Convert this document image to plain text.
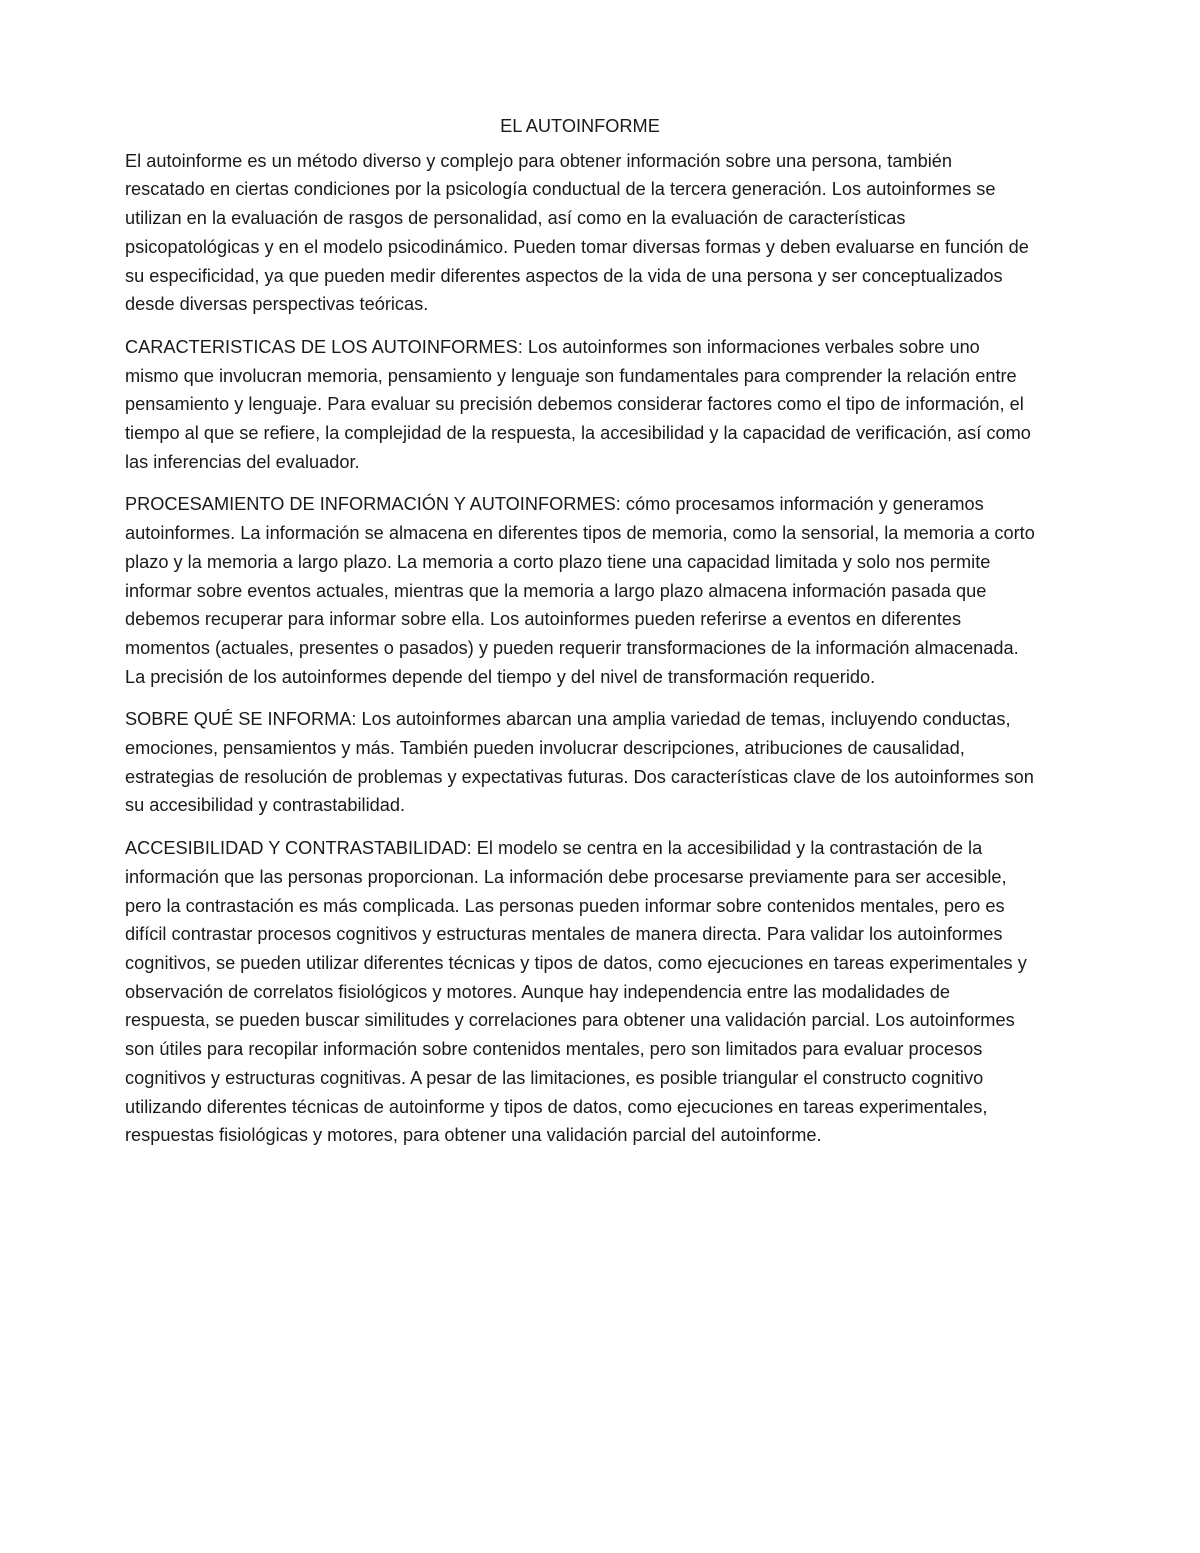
EL AUTOINFORME

El autoinforme es un método diverso y complejo para obtener información sobre una persona, también rescatado en ciertas condiciones por la psicología conductual de la tercera generación. Los autoinformes se utilizan en la evaluación de rasgos de personalidad, así como en la evaluación de características psicopatológicas y en el modelo psicodinámico. Pueden tomar diversas formas y deben evaluarse en función de su especificidad, ya que pueden medir diferentes aspectos de la vida de una persona y ser conceptualizados desde diversas perspectivas teóricas.

CARACTERISTICAS DE LOS AUTOINFORMES: Los autoinformes son informaciones verbales sobre uno mismo que involucran memoria, pensamiento y lenguaje son fundamentales para comprender la relación entre pensamiento y lenguaje. Para evaluar su precisión debemos considerar factores como el tipo de información, el tiempo al que se refiere, la complejidad de la respuesta, la accesibilidad y la capacidad de verificación, así como las inferencias del evaluador.

PROCESAMIENTO DE INFORMACIÓN Y AUTOINFORMES: cómo procesamos información y generamos autoinformes. La información se almacena en diferentes tipos de memoria, como la sensorial, la memoria a corto plazo y la memoria a largo plazo. La memoria a corto plazo tiene una capacidad limitada y solo nos permite informar sobre eventos actuales, mientras que la memoria a largo plazo almacena información pasada que debemos recuperar para informar sobre ella. Los autoinformes pueden referirse a eventos en diferentes momentos (actuales, presentes o pasados) y pueden requerir transformaciones de la información almacenada. La precisión de los autoinformes depende del tiempo y del nivel de transformación requerido.

SOBRE QUÉ SE INFORMA: Los autoinformes abarcan una amplia variedad de temas, incluyendo conductas, emociones, pensamientos y más. También pueden involucrar descripciones, atribuciones de causalidad, estrategias de resolución de problemas y expectativas futuras. Dos características clave de los autoinformes son su accesibilidad y contrastabilidad.

ACCESIBILIDAD Y CONTRASTABILIDAD: El modelo se centra en la accesibilidad y la contrastación de la información que las personas proporcionan. La información debe procesarse previamente para ser accesible, pero la contrastación es más complicada. Las personas pueden informar sobre contenidos mentales, pero es difícil contrastar procesos cognitivos y estructuras mentales de manera directa. Para validar los autoinformes cognitivos, se pueden utilizar diferentes técnicas y tipos de datos, como ejecuciones en tareas experimentales y observación de correlatos fisiológicos y motores. Aunque hay independencia entre las modalidades de respuesta, se pueden buscar similitudes y correlaciones para obtener una validación parcial. Los autoinformes son útiles para recopilar información sobre contenidos mentales, pero son limitados para evaluar procesos cognitivos y estructuras cognitivas. A pesar de las limitaciones, es posible triangular el constructo cognitivo utilizando diferentes técnicas de autoinforme y tipos de datos, como ejecuciones en tareas experimentales, respuestas fisiológicas y motores, para obtener una validación parcial del autoinforme.
